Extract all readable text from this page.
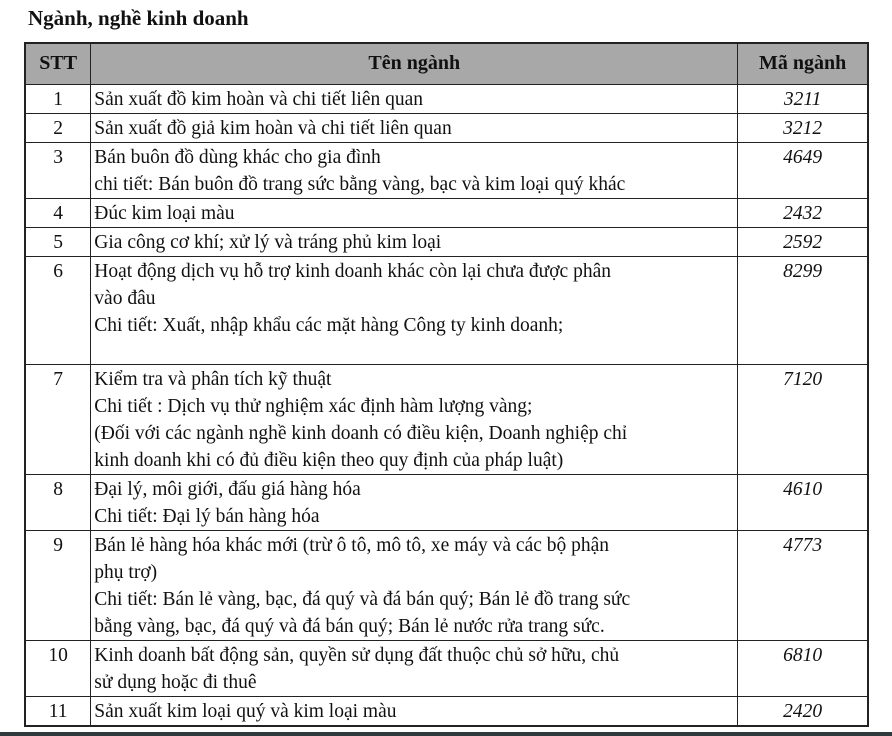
Ngành, nghề kinh doanh
STT	Tên ngành	Mã ngành
1	Sản xuất đồ kim hoàn và chi tiết liên quan	3211
2	Sản xuất đồ giả kim hoàn và chi tiết liên quan	3212
3	Bán buôn đồ dùng khác cho gia đình
chi tiết: Bán buôn đồ trang sức bằng vàng, bạc và kim loại quý khác	4649
4	Đúc kim loại màu	2432
5	Gia công cơ khí; xử lý và tráng phủ kim loại	2592
6	Hoạt động dịch vụ hỗ trợ kinh doanh khác còn lại chưa được phân
vào đâu
Chi tiết: Xuất, nhập khẩu các mặt hàng Công ty kinh doanh;	8299
7	Kiểm tra và phân tích kỹ thuật
Chi tiết : Dịch vụ thử nghiệm xác định hàm lượng vàng;
(Đối với các ngành nghề kinh doanh có điều kiện, Doanh nghiệp chỉ
kinh doanh khi có đủ điều kiện theo quy định của pháp luật)	7120
8	Đại lý, môi giới, đấu giá hàng hóa
Chi tiết: Đại lý bán hàng hóa	4610
9	Bán lẻ hàng hóa khác mới (trừ ô tô, mô tô, xe máy và các bộ phận
phụ trợ)
Chi tiết: Bán lẻ vàng, bạc, đá quý và đá bán quý; Bán lẻ đồ trang sức
bằng vàng, bạc, đá quý và đá bán quý; Bán lẻ nước rửa trang sức.	4773
10	Kinh doanh bất động sản, quyền sử dụng đất thuộc chủ sở hữu, chủ
sử dụng hoặc đi thuê	6810
11	Sản xuất kim loại quý và kim loại màu	2420
